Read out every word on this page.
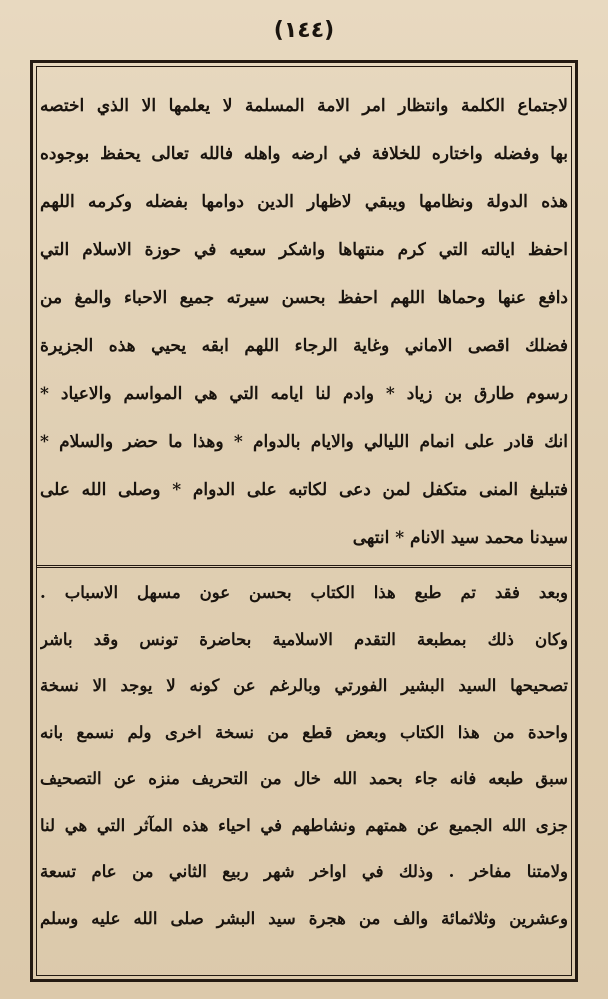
(١٤٤)
لاجتماع الكلمة وانتظار امر الامة المسلمة لا يعلمها الا الذي اختصه
بها وفضله واختاره للخلافة في ارضه واهله فالله تعالى يحفظ بوجوده
هذه الدولة ونظامها ويبقي لاظهار الدين دوامها بفضله وكرمه اللهم
احفظ ايالته التي كرم منتهاها واشكر سعيه في حوزة الاسلام التي
دافع عنها وحماها اللهم احفظ بحسن سيرته جميع الاحباء والمغ من
فضلك اقصى الاماني وغاية الرجاء اللهم ابقه يحيي هذه الجزيرة
رسوم طارق بن زياد * وادم لنا ايامه التي هي المواسم والاعياد *
انك قادر على انمام الليالي والايام بالدوام * وهذا ما حضر والسلام *
فتبليغ المنى متكفل لمن دعى لكاتبه على الدوام * وصلى الله على
سيدنا محمد سيد الانام * انتهى
وبعد فقد تم طبع هذا الكتاب بحسن عون مسهل الاسباب .
وكان ذلك بمطبعة التقدم الاسلامية بحاضرة تونس وقد باشر
تصحيحها السيد البشير الفورتي وبالرغم عن كونه لا يوجد الا نسخة
واحدة من هذا الكتاب وبعض قطع من نسخة اخرى ولم نسمع بانه
سبق طبعه فانه جاء بحمد الله خال من التحريف منزه عن التصحيف
جزى الله الجميع عن همتهم ونشاطهم في احياء هذه المآثر التي هي لنا
ولامتنا مفاخر . وذلك في اواخر شهر ربيع الثاني من عام تسعة
وعشرين وثلاثمائة والف من هجرة سيد البشر صلى الله عليه وسلم
